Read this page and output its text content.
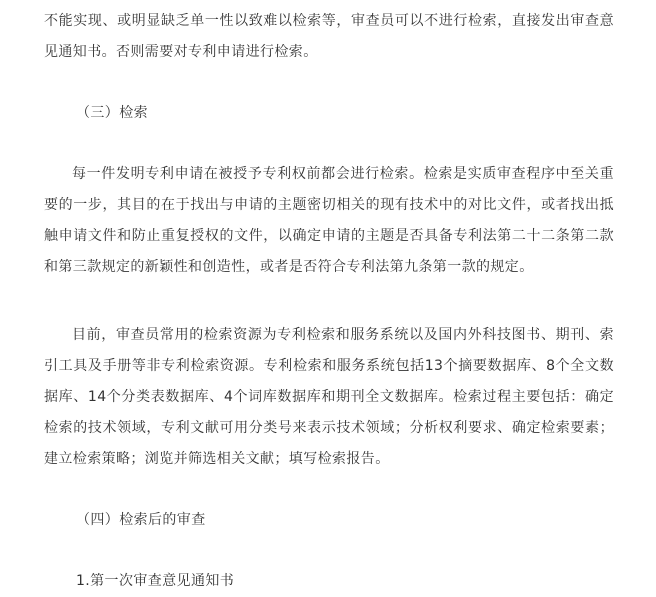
不能实现、或明显缺乏单一性以致难以检索等，审查员可以不进行检索，直接发出审查意见通知书。否则需要对专利申请进行检索。

（三）检索

每一件发明专利申请在被授予专利权前都会进行检索。检索是实质审查程序中至关重要的一步，其目的在于找出与申请的主题密切相关的现有技术中的对比文件，或者找出抵触申请文件和防止重复授权的文件，以确定申请的主题是否具备专利法第二十二条第二款和第三款规定的新颖性和创造性，或者是否符合专利法第九条第一款的规定。

目前，审查员常用的检索资源为专利检索和服务系统以及国内外科技图书、期刊、索引工具及手册等非专利检索资源。专利检索和服务系统包括13个摘要数据库、8个全文数据库、14个分类表数据库、4个词库数据库和期刊全文数据库。检索过程主要包括：确定检索的技术领域，专利文献可用分类号来表示技术领域；分析权利要求、确定检索要素；建立检索策略；浏览并筛选相关文献；填写检索报告。

（四）检索后的审查

1.第一次审查意见通知书
